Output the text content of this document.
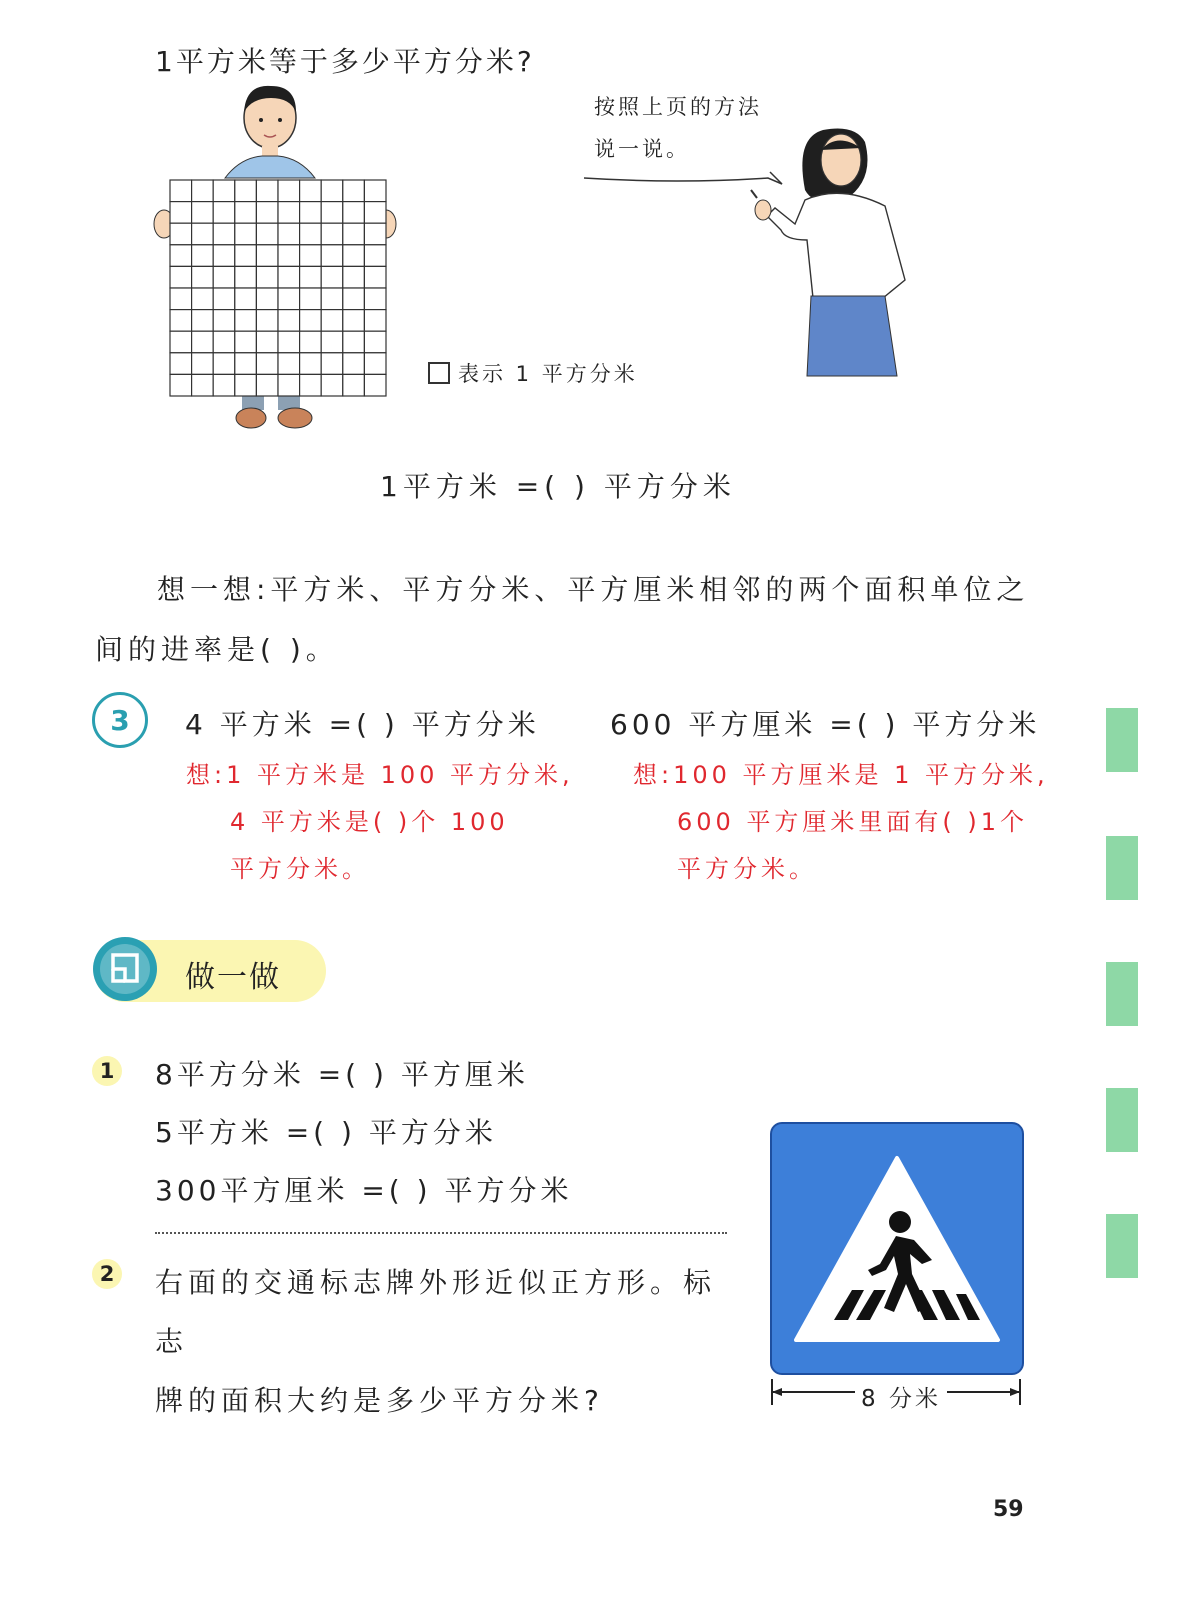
1平方米等于多少平方分米?
按照上页的方法
说一说。
表示 1 平方分米
1平方米 =( ) 平方分米
想一想:平方米、平方分米、平方厘米相邻的两个面积单位之
间的进率是( )。
3	4 平方米 =( ) 平方分米	600 平方厘米 =( ) 平方分米
想:1 平方米是 100 平方分米,
4 平方米是( )个 100
平方分米。
想:100 平方厘米是 1 平方分米,
600 平方厘米里面有( )1个
平方分米。
做一做
1 8平方分米 =( ) 平方厘米
5平方米 =( ) 平方分米
300平方厘米 =( ) 平方分米
2 右面的交通标志牌外形近似正方形。标志
牌的面积大约是多少平方分米?	8 分米
59
